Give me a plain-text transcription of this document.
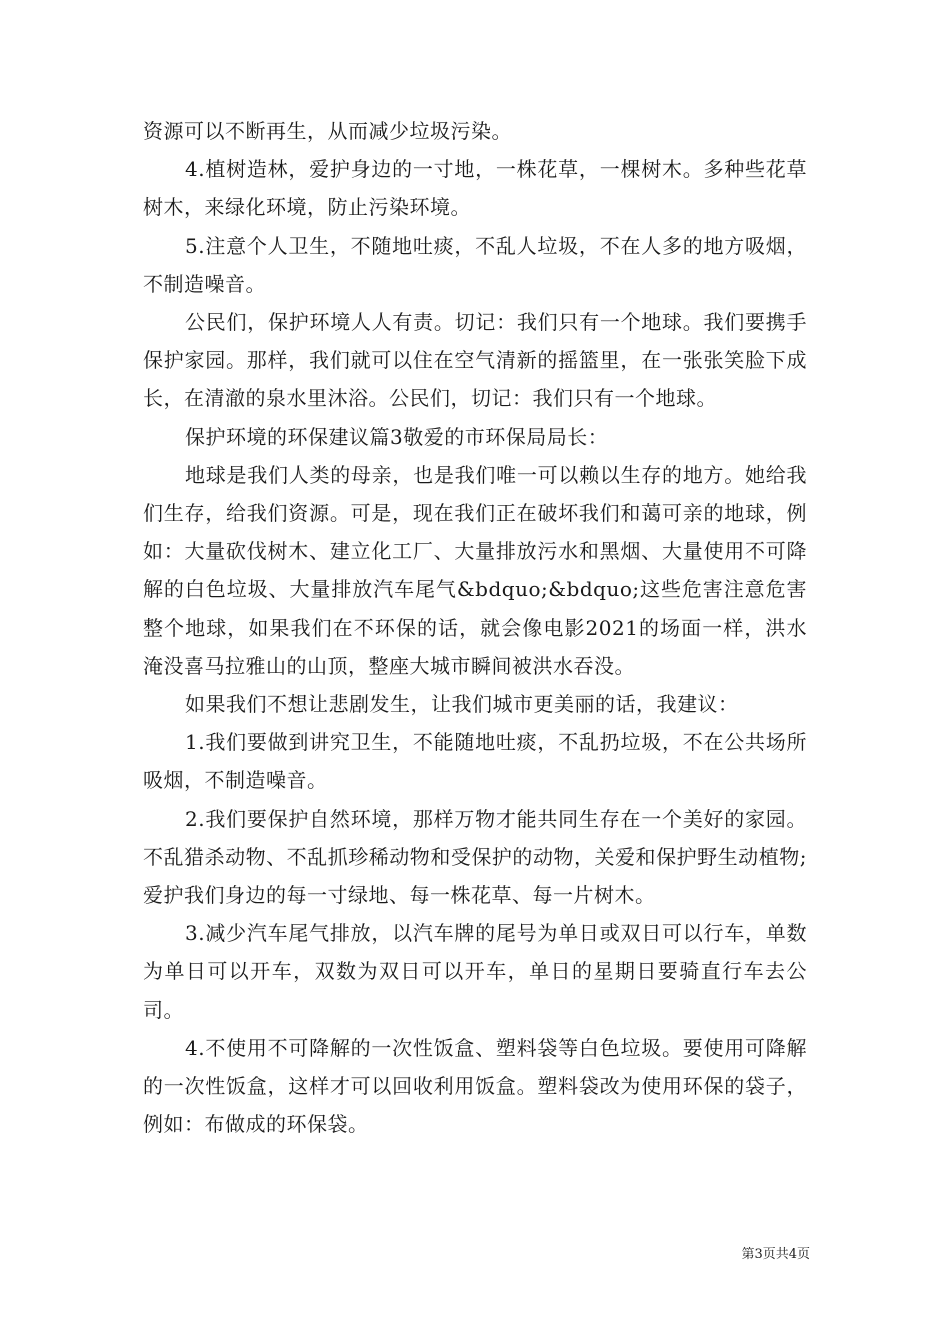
资源可以不断再生，从而减少垃圾污染。

4.植树造林，爱护身边的一寸地，一株花草，一棵树木。多种些花草树木，来绿化环境，防止污染环境。

5.注意个人卫生，不随地吐痰，不乱人垃圾，不在人多的地方吸烟，不制造噪音。

公民们，保护环境人人有责。切记：我们只有一个地球。我们要携手保护家园。那样，我们就可以住在空气清新的摇篮里，在一张张笑脸下成长，在清澈的泉水里沐浴。公民们，切记：我们只有一个地球。

保护环境的环保建议篇3敬爱的市环保局局长：

地球是我们人类的母亲，也是我们唯一可以赖以生存的地方。她给我们生存，给我们资源。可是，现在我们正在破坏我们和蔼可亲的地球，例如：大量砍伐树木、建立化工厂、大量排放污水和黑烟、大量使用不可降解的白色垃圾、大量排放汽车尾气&bdquo;&bdquo;这些危害注意危害整个地球，如果我们在不环保的话，就会像电影2021的场面一样，洪水淹没喜马拉雅山的山顶，整座大城市瞬间被洪水吞没。

如果我们不想让悲剧发生，让我们城市更美丽的话，我建议：

1.我们要做到讲究卫生，不能随地吐痰，不乱扔垃圾，不在公共场所吸烟，不制造噪音。

2.我们要保护自然环境，那样万物才能共同生存在一个美好的家园。不乱猎杀动物、不乱抓珍稀动物和受保护的动物，关爱和保护野生动植物;爱护我们身边的每一寸绿地、每一株花草、每一片树木。

3.减少汽车尾气排放，以汽车牌的尾号为单日或双日可以行车，单数为单日可以开车，双数为双日可以开车，单日的星期日要骑直行车去公司。

4.不使用不可降解的一次性饭盒、塑料袋等白色垃圾。要使用可降解的一次性饭盒，这样才可以回收利用饭盒。塑料袋改为使用环保的袋子，例如：布做成的环保袋。

第3页共4页
